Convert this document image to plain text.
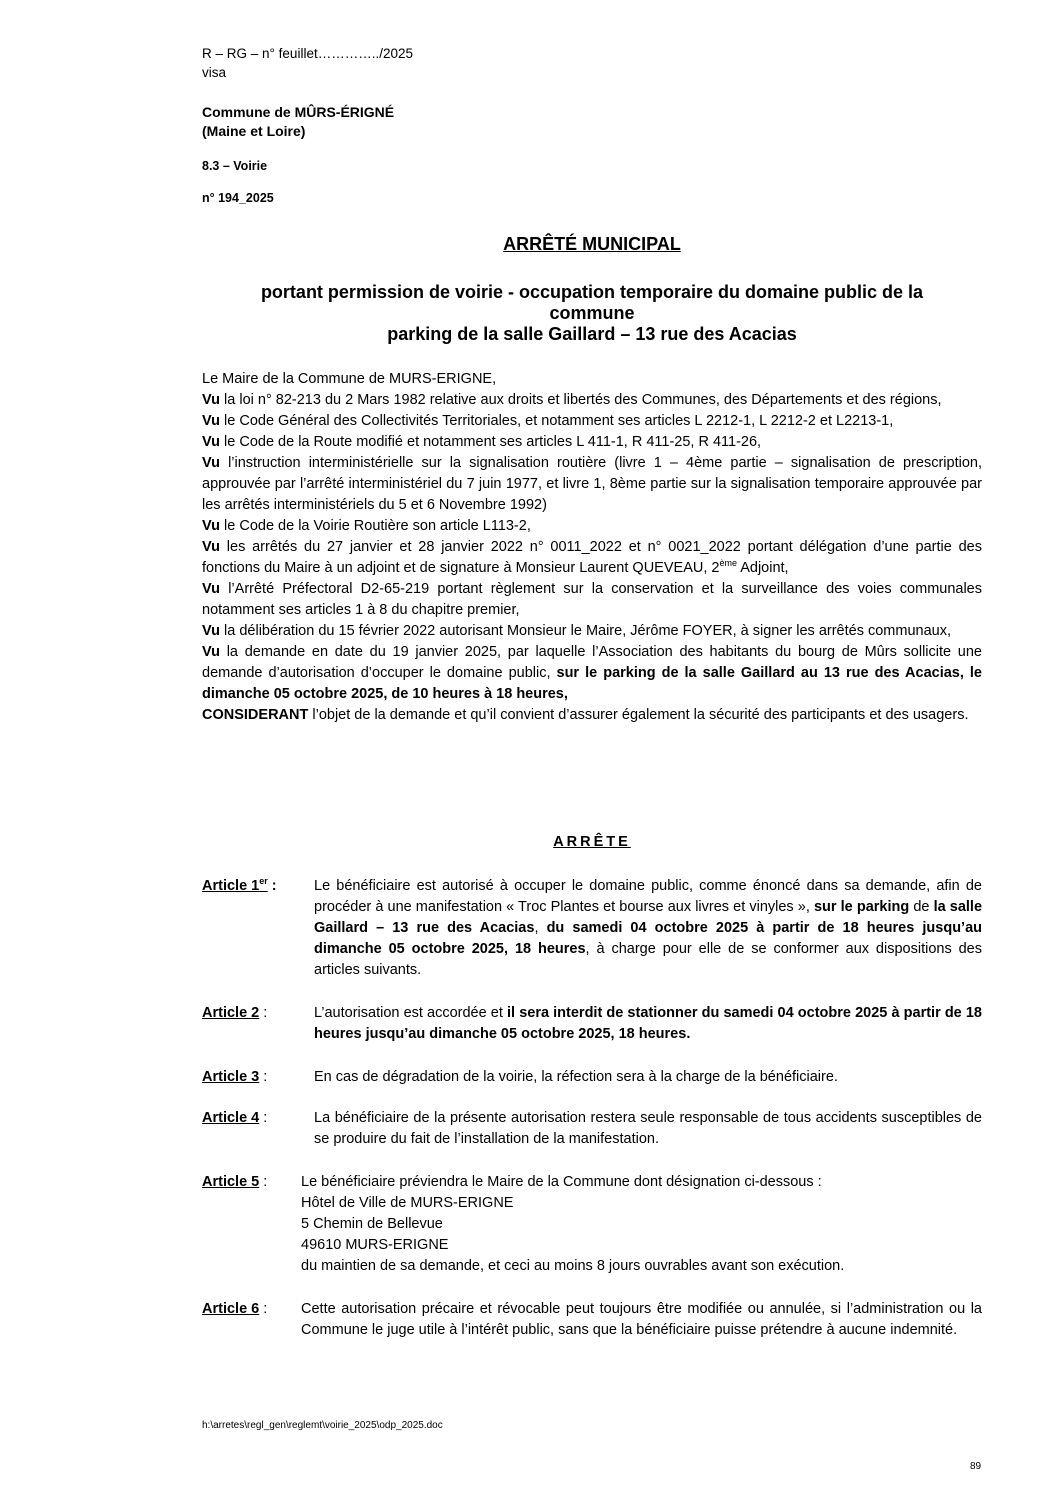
R – RG – n° feuillet…………../2025
visa
Commune de MÛRS-ÉRIGNÉ
(Maine et Loire)
8.3 – Voirie
n° 194_2025
ARRÊTÉ MUNICIPAL
portant permission de voirie - occupation temporaire du domaine public de la
commune
parking de la salle Gaillard – 13 rue des Acacias

Le Maire de la Commune de MURS-ERIGNE,

Vu la loi n° 82-213 du 2 Mars 1982 relative aux droits et libertés des Communes, des Départements et des régions,

Vu le Code Général des Collectivités Territoriales, et notamment ses articles L 2212-1, L 2212-2 et L2213-1,

Vu le Code de la Route modifié et notamment ses articles L 411-1, R 411-25, R 411-26,

Vu l’instruction interministérielle sur la signalisation routière (livre 1 – 4ème partie – signalisation de prescription, approuvée par l’arrêté interministériel du 7 juin 1977, et livre 1, 8ème partie sur la signalisation temporaire approuvée par les arrêtés interministériels du 5 et 6 Novembre 1992)

Vu le Code de la Voirie Routière son article L113-2,

Vu les arrêtés du 27 janvier et 28 janvier 2022 n° 0011_2022 et n° 0021_2022 portant délégation d’une partie des fonctions du Maire à un adjoint et de signature à Monsieur Laurent QUEVEAU, 2ème Adjoint,

Vu l’Arrêté Préfectoral D2-65-219 portant règlement sur la conservation et la surveillance des voies communales notamment ses articles 1 à 8 du chapitre premier,

Vu la délibération du 15 février 2022 autorisant Monsieur le Maire, Jérôme FOYER, à signer les arrêtés communaux,

Vu la demande en date du 19 janvier 2025, par laquelle l’Association des habitants du bourg de Mûrs sollicite une demande d’autorisation d’occuper le domaine public, sur le parking de la salle Gaillard au 13 rue des Acacias, le dimanche 05 octobre 2025, de 10 heures à 18 heures,

CONSIDERANT l’objet de la demande et qu’il convient d’assurer également la sécurité des participants et des usagers.

ARRÊTE
Article 1er :	Le bénéficiaire est autorisé à occuper le domaine public, comme énoncé dans sa demande, afin de procéder à une manifestation « Troc Plantes et bourse aux livres et vinyles », sur le parking de la salle Gaillard – 13 rue des Acacias, du samedi 04 octobre 2025 à partir de 18 heures jusqu’au dimanche 05 octobre 2025, 18 heures, à charge pour elle de se conformer aux dispositions des articles suivants.
Article 2 :	L’autorisation est accordée et il sera interdit de stationner du samedi 04 octobre 2025 à partir de 18 heures jusqu’au dimanche 05 octobre 2025, 18 heures.
Article 3 :	En cas de dégradation de la voirie, la réfection sera à la charge de la bénéficiaire.
Article 4 :	La bénéficiaire de la présente autorisation restera seule responsable de tous accidents susceptibles de se produire du fait de l’installation de la manifestation.
Article 5 : Le bénéficiaire préviendra le Maire de la Commune dont désignation ci-dessous :

Hôtel de Ville de MURS-ERIGNE

5 Chemin de Bellevue

49610 MURS-ERIGNE

du maintien de sa demande, et ceci au moins 8 jours ouvrables avant son exécution.

Article 6 : Cette autorisation précaire et révocable peut toujours être modifiée ou annulée, si l’administration ou la Commune le juge utile à l’intérêt public, sans que la bénéficiaire puisse prétendre à aucune indemnité.
h:\arretes\regl_gen\reglemt\voirie_2025\odp_2025.doc
89
